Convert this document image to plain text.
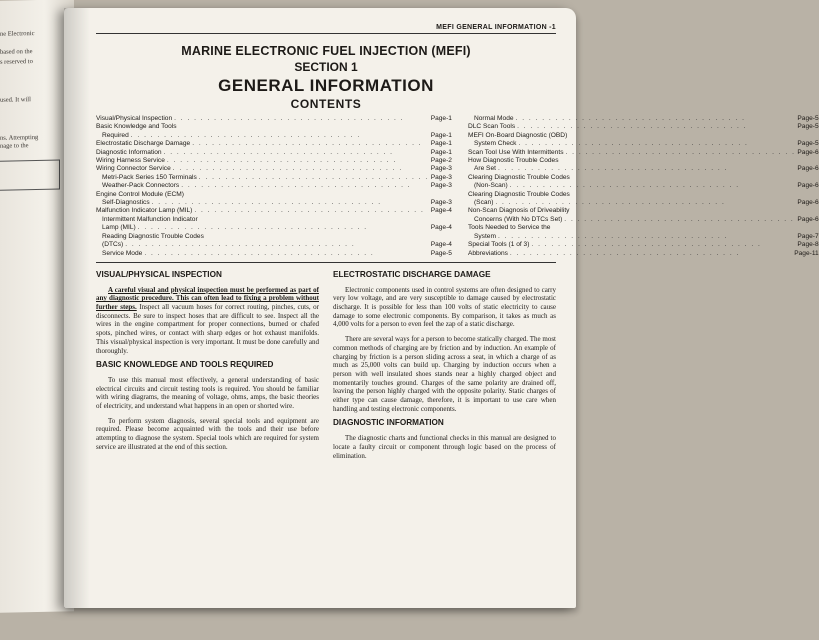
ne Electronic
based on the
s reserved to
used. It will
ns. Attempting
nage to the
MEFI GENERAL INFORMATION -1
MARINE ELECTRONIC FUEL INJECTION (MEFI)
SECTION 1
GENERAL INFORMATION
CONTENTS
Visual/Physical Inspection . . . . . . . . . . . . . . . . . . . . . . . . . . . . . . . . . . .	Page-1
Basic Knowledge and Tools
Required . . . . . . . . . . . . . . . . . . . . . . . . . . . . . . . . . . .	Page-1
Electrostatic Discharge Damage . . . . . . . . . . . . . . . . . . . . . . . . . . . . . . . . . . .	Page-1
Diagnostic Information . . . . . . . . . . . . . . . . . . . . . . . . . . . . . . . . . . .	Page-1
Wiring Harness Service . . . . . . . . . . . . . . . . . . . . . . . . . . . . . . . . . . .	Page-2
Wiring Connector Service . . . . . . . . . . . . . . . . . . . . . . . . . . . . . . . . . . .	Page-3
Metri-Pack Series 150 Terminals . . . . . . . . . . . . . . . . . . . . . . . . . . . . . . . . . . . Page-3
Weather-Pack Connectors . . . . . . . . . . . . . . . . . . . . . . . . . . . . . . . . . . .	Page-3
Engine Control Module (ECM)
Self-Diagnostics . . . . . . . . . . . . . . . . . . . . . . . . . . . . . . . . . . .	Page-3
Malfunction Indicator Lamp (MIL) . . . . . . . . . . . . . . . . . . . . . . . . . . . . . . . . . . . Page-4
Intermittent Malfunction Indicator
Lamp (MIL) . . . . . . . . . . . . . . . . . . . . . . . . . . . . . . . . . . .	Page-4
Reading Diagnostic Trouble Codes
(DTCs) . . . . . . . . . . . . . . . . . . . . . . . . . . . . . . . . . . .	Page-4
Service Mode . . . . . . . . . . . . . . . . . . . . . . . . . . . . . . . . . . .	Page-5
Normal Mode . . . . . . . . . . . . . . . . . . . . . . . . . . . . . . . . . . .	Page-5
DLC Scan Tools . . . . . . . . . . . . . . . . . . . . . . . . . . . . . . . . . . .	Page-5
MEFI On-Board Diagnostic (OBD)
System Check . . . . . . . . . . . . . . . . . . . . . . . . . . . . . . . . . . .	Page-5
Scan Tool Use With Intermittents . . . . . . . . . . . . . . . . . . . . . . . . . . . . . . . . . . . Page-6
How Diagnostic Trouble Codes
Are Set . . . . . . . . . . . . . . . . . . . . . . . . . . . . . . . . . . .	Page-6
Clearing Diagnostic Trouble Codes
(Non-Scan) . . . . . . . . . . . . . . . . . . . . . . . . . . . . . . . . . . .	Page-6
Clearing Diagnostic Trouble Codes
(Scan) . . . . . . . . . . . . . . . . . . . . . . . . . . . . . . . . . . .	Page-6
Non-Scan Diagnosis of Driveability
Concerns (With No DTCs Set) . . . . . . . . . . . . . . . . . . . . . . . . . . . . . . . . . . . Page-6
Tools Needed to Service the
System . . . . . . . . . . . . . . . . . . . . . . . . . . . . . . . . . . .	Page-7
Special Tools (1 of 3) . . . . . . . . . . . . . . . . . . . . . . . . . . . . . . . . . . .	Page-8
Abbreviations . . . . . . . . . . . . . . . . . . . . . . . . . . . . . . . . . . .	Page-11
VISUAL/PHYSICAL INSPECTION

A careful visual and physical inspection must be performed as part of any diagnostic procedure. This can often lead to fixing a problem without further steps. Inspect all vacuum hoses for correct routing, pinches, cuts, or disconnects. Be sure to inspect hoses that are difficult to see. Inspect all the wires in the engine compartment for proper connections, burned or chafed spots, pinched wires, or contact with sharp edges or hot exhaust manifolds. This visual/physical inspection is very important. It must be done carefully and thoroughly.

BASIC KNOWLEDGE AND TOOLS REQUIRED

To use this manual most effectively, a general understanding of basic electrical circuits and circuit testing tools is required. You should be familiar with wiring diagrams, the meaning of voltage, ohms, amps, the basic theories of electricity, and understand what happens in an open or shorted wire.

To perform system diagnosis, several special tools and equipment are required. Please become acquainted with the tools and their use before attempting to diagnose the system. Special tools which are required for system service are illustrated at the end of this section.

ELECTROSTATIC DISCHARGE DAMAGE

Electronic components used in control systems are often designed to carry very low voltage, and are very susceptible to damage caused by electrostatic discharge. It is possible for less than 100 volts of static electricity to cause damage to some electronic components. By comparison, it takes as much as 4,000 volts for a person to even feel the zap of a static discharge.

There are several ways for a person to become statically charged. The most common methods of charging are by friction and by induction. An example of charging by friction is a person sliding across a seat, in which a charge of as much as 25,000 volts can build up. Charging by induction occurs when a person with well insulated shoes stands near a highly charged object and momentarily touches ground. Charges of the same polarity are drained off, leaving the person highly charged with the opposite polarity. Static charges of either type can cause damage, therefore, it is important to use care when handling and testing electronic components.

DIAGNOSTIC INFORMATION

The diagnostic charts and functional checks in this manual are designed to locate a faulty circuit or component through logic based on the process of elimination.
